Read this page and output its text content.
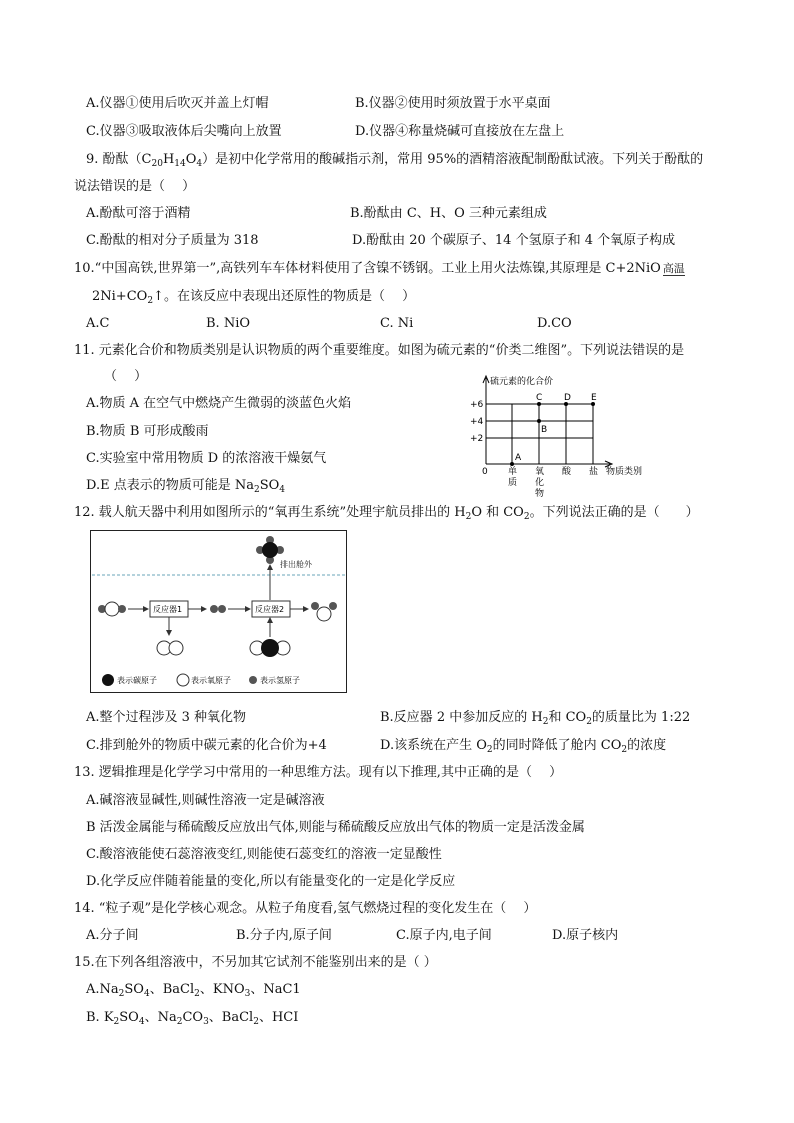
A.仪器①使用后吹灭并盖上灯帽	B.仪器②使用时须放置于水平桌面
C.仪器③吸取液体后尖嘴向上放置	D.仪器④称量烧碱可直接放在左盘上
9. 酚酞$(C_{20}H_{14}O_4)$是初中化学常用的酸碱指示剂，常用 95%的酒精溶液配制酚酞试液。下列关于酚酞的
说法错误的是（　 ）
A.酚酞可溶于酒精	B.酚酞由 C、H、O 三种元素组成
C.酚酞的相对分子质量为 318	D.酚酞由 20 个碳原子、14 个氢原子和 4 个氧原子构成
10.“中国高铁,世界第一”,高铁列车车体材料使用了含镍不锈钢。工业上用火法炼镍,其原理是 C+2NiO 高温
$2Ni+CO_2↑$。在该反应中表现出还原性的物质是（　 ）
A.C	B. NiO	C. Ni	D.CO
11. 元素化合价和物质类别是认识物质的两个重要维度。如图为硫元素的“价类二维图”。下列说法错误的是
（　 ）
A.物质 A 在空气中燃烧产生微弱的淡蓝色火焰
B.物质 B 可形成酸雨
C.实验室中常用物质 D 的浓溶液干燥氨气
D.E 点表示的物质可能是 $Na_2SO_4$
硫元素的化合价
+6
+4
+2
0 单
质
氧
化
物
酸 盐 物质类别
A
B
C D E
12. 载人航天器中利用如图所示的“氧再生系统”处理宇航员排出的 $H_2O$ 和 $CO_2$。下列说法正确的是（　　）
排出舱外
反应器1	反应器2
表示碳原子	表示氧原子	表示氢原子
A.整个过程涉及 3 种氧化物	B.反应器 2 中参加反应的 $H_2$和 $CO_2$的质量比为 1:22
C.排到舱外的物质中碳元素的化合价为+4	D.该系统在产生 $O_2$的同时降低了舱内 $CO_2$的浓度
13. 逻辑推理是化学学习中常用的一种思维方法。现有以下推理,其中正确的是（　 ）
A.碱溶液显碱性,则碱性溶液一定是碱溶液
B 活泼金属能与稀硫酸反应放出气体,则能与稀硫酸反应放出气体的物质一定是活泼金属
C.酸溶液能使石蕊溶液变红,则能使石蕊变红的溶液一定显酸性
D.化学反应伴随着能量的变化,所以有能量变化的一定是化学反应
14. “粒子观”是化学核心观念。从粒子角度看,氢气燃烧过程的变化发生在（　 ）
A.分子间	B.分子内,原子间	C.原子内,电子间	D.原子核内
15.在下列各组溶液中，不另加其它试剂不能鉴别出来的是（ ）
$A.Na_2SO_4$、BaCl$_2$、$KNO_3$、NaC1
B. $K_2SO_4$、$Na_2CO_3$、BaCl$_2$、HCI
